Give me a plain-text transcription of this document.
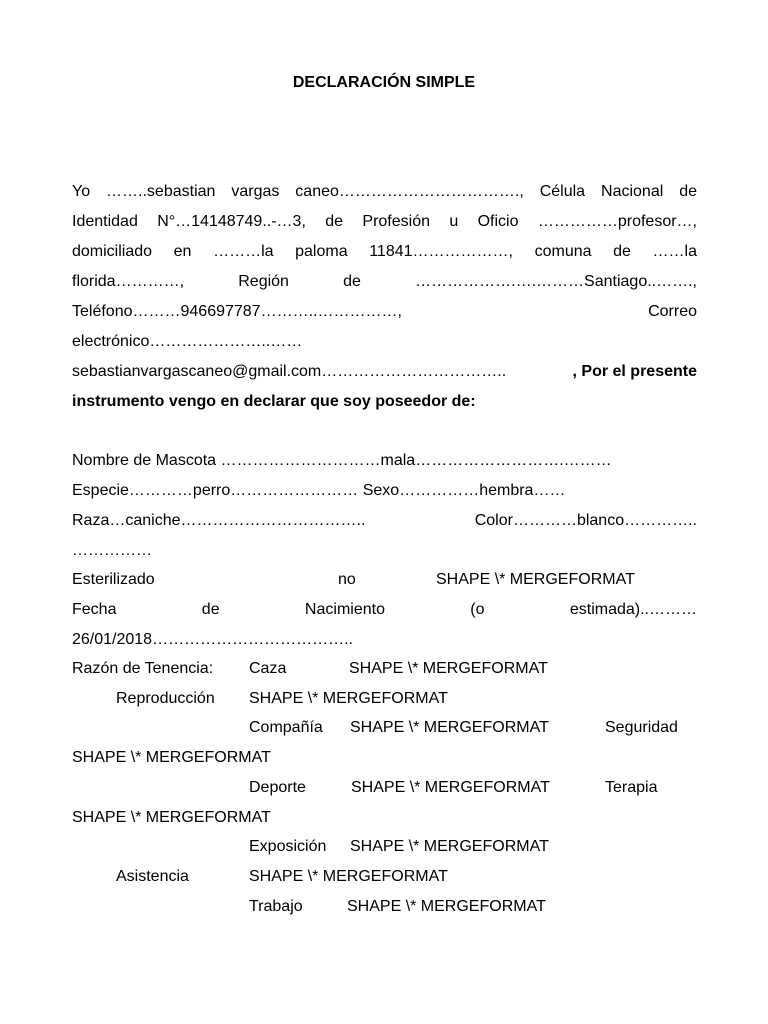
DECLARACIÓN SIMPLE
Yo ……..sebastian vargas caneo……………………………., Célula Nacional de
Identidad N°…14148749..-…3, de Profesión u Oficio ……………profesor…,
domiciliado en ………la paloma 11841………………, comuna de ……la
florida…………, Región de ……………….….………Santiago..…….,
Teléfono………946697787………..……………, Correo
electrónico…………………..……
sebastianvargascaneo@gmail.com……………………………..	, Por el presente
instrumento vengo en declarar que soy poseedor de:
Nombre de Mascota …………………………mala……………………….………
Especie…………perro…………………… Sexo……………hembra……
Raza…caniche……………………………..	Color…………blanco…………..
……………
Esterilizado	no	SHAPE \* MERGEFORMAT
Fecha de Nacimiento (o estimada)..………
26/01/2018………………………………..
Razón de Tenencia: Caza	SHAPE \* MERGEFORMAT
Reproducción SHAPE \* MERGEFORMAT
Compañía SHAPE \* MERGEFORMAT	Seguridad
SHAPE \* MERGEFORMAT
Deporte	SHAPE \* MERGEFORMAT	Terapia
SHAPE \* MERGEFORMAT
Exposición SHAPE \* MERGEFORMAT
Asistencia	SHAPE \* MERGEFORMAT
Trabajo	SHAPE \* MERGEFORMAT
